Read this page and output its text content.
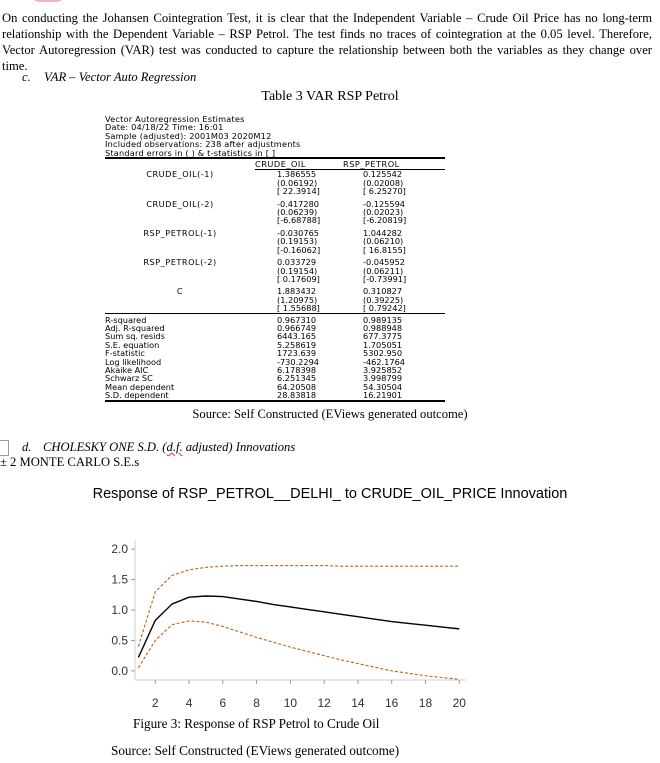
On conducting the Johansen Cointegration Test, it is clear that the Independent Variable – Crude Oil Price has no long-term relationship with the Dependent Variable – RSP Petrol. The test finds no traces of cointegration at the 0.05 level. Therefore, Vector Autoregression (VAR) test was conducted to capture the relationship between both the variables as they change over time.
c. VAR – Vector Auto Regression
Table 3 VAR RSP Petrol
Vector Autoregression Estimates
Date: 04/18/22 Time: 16:01
Sample (adjusted): 2001M03 2020M12
Included observations: 238 after adjustments
Standard errors in ( ) & t-statistics in [ ]
	CRUDE_OIL RSP_PETROL	
CRUDE_OIL(-1)	1.386555	0.125542
	(0.06192)	(0.02008)
	[ 22.3914]	[ 6.25270]
CRUDE_OIL(-2)	-0.417280	-0.125594
	(0.06239)	(0.02023)
	[-6.68788]	[-6.20819]
RSP_PETROL(-1)	-0.030765	1.044282
	(0.19153)	(0.06210)
	[-0.16062]	[ 16.8155]
RSP_PETROL(-2)	0.033729	-0.045952
	(0.19154)	(0.06211)
	[ 0.17609]	[-0.73991]
C	1.883432	0.310827
	(1.20975)	(0.39225)
	[ 1.55688]	[ 0.79242]
R-squared	0.967310	0.989135
Adj. R-squared	0.966749	0.988948
Sum sq. resids	6443.165	677.3775
S.E. equation	5.258619	1.705051
F-statistic	1723.639	5302.950
Log likelihood	-730.2294	-462.1764
Akaike AIC	6.178398	3.925852
Schwarz SC	6.251345	3.998799
Mean dependent	64.20508	54.30504
S.D. dependent	28.83818	16.21901
Source: Self Constructed (EViews generated outcome)
d. CHOLESKY ONE S.D. (d.f. adjusted) Innovations
± 2 MONTE CARLO S.E.s
Response of RSP_PETROL__DELHI_ to CRUDE_OIL_PRICE Innovation
0.0
0.5
1.0
1.5
2.0
2 4 6 8 10 12 14 16 18 20
Figure 3: Response of RSP Petrol to Crude Oil
Source: Self Constructed (EViews generated outcome)
